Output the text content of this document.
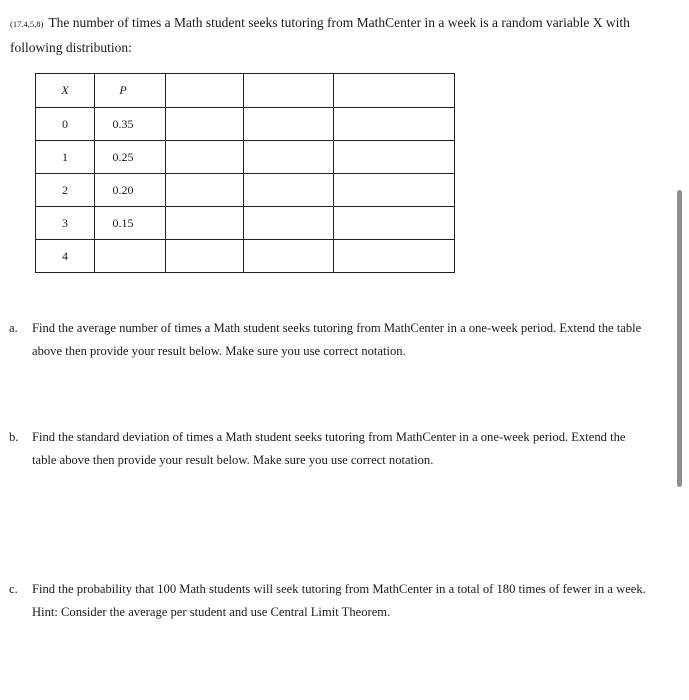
(17.4,5,8) The number of times a Math student seeks tutoring from MathCenter in a week is a random variable X with following distribution:
X	P			
0	0.35			
1	0.25			
2	0.20			
3	0.15			
4				
a.	Find the average number of times a Math student seeks tutoring from MathCenter in a one-week period. Extend the table above then provide your result below. Make sure you use correct notation.
b.	Find the standard deviation of times a Math student seeks tutoring from MathCenter in a one-week period. Extend the table above then provide your result below. Make sure you use correct notation.
c.	Find the probability that 100 Math students will seek tutoring from MathCenter in a total of 180 times of fewer in a week. Hint: Consider the average per student and use Central Limit Theorem.
